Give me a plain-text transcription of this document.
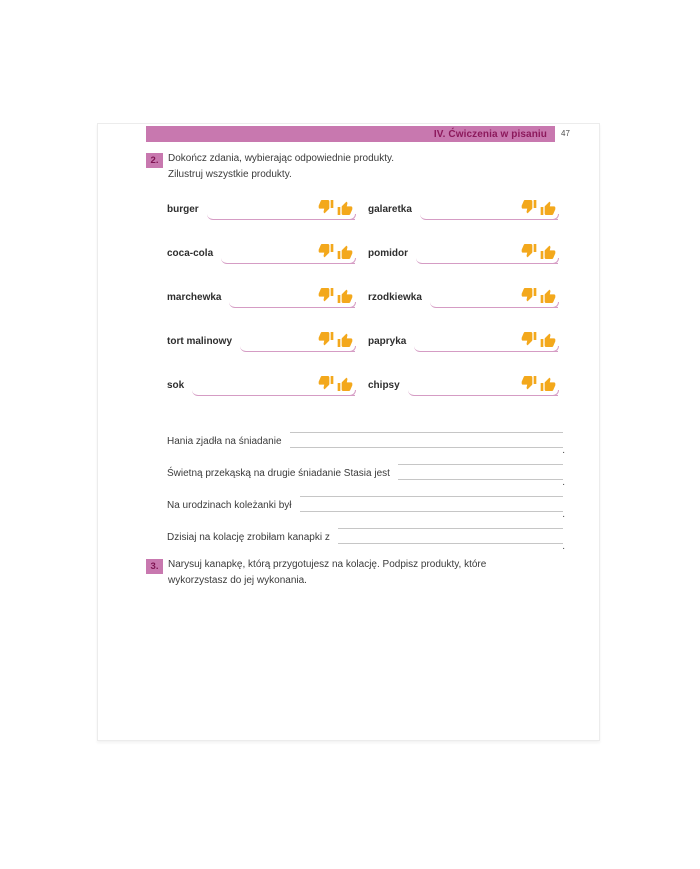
IV. Ćwiczenia w pisaniu 47
2. Dokończ zdania, wybierając odpowiednie produkty.
Zilustruj wszystkie produkty.
burger	galaretka
coca-cola	pomidor
marchewka	rzodkiewka
tort malinowy	papryka
sok	chipsy
Hania zjadła na śniadanie
.
Świetną przekąską na drugie śniadanie Stasia jest
.
Na urodzinach koleżanki był
.
Dzisiaj na kolację zrobiłam kanapki z
.
3. Narysuj kanapkę, którą przygotujesz na kolację. Podpisz produkty, które wykorzystasz do jej wykonania.
